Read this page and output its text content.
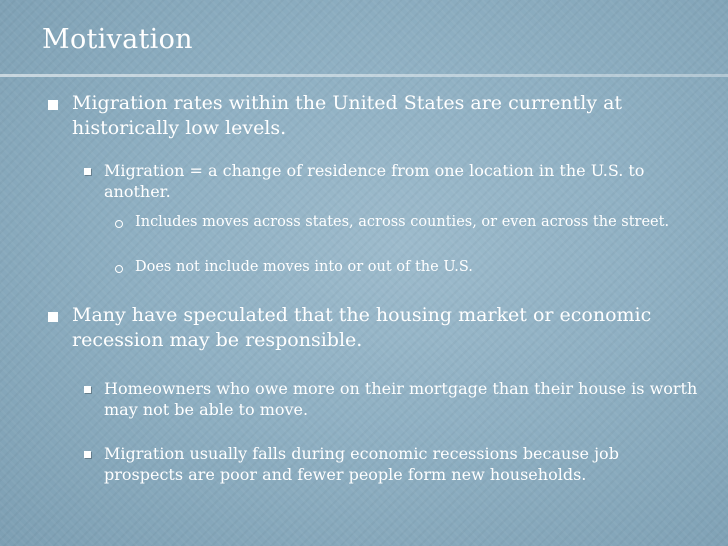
Motivation
Migration rates within the United States are currently at historically low levels.
Migration = a change of residence from one location in the U.S. to another.
Includes moves across states, across counties, or even across the street.
Does not include moves into or out of the U.S.
Many have speculated that the housing market or economic recession may be responsible.
Homeowners who owe more on their mortgage than their house is worth may not be able to move.
Migration usually falls during economic recessions because job prospects are poor and fewer people form new households.
